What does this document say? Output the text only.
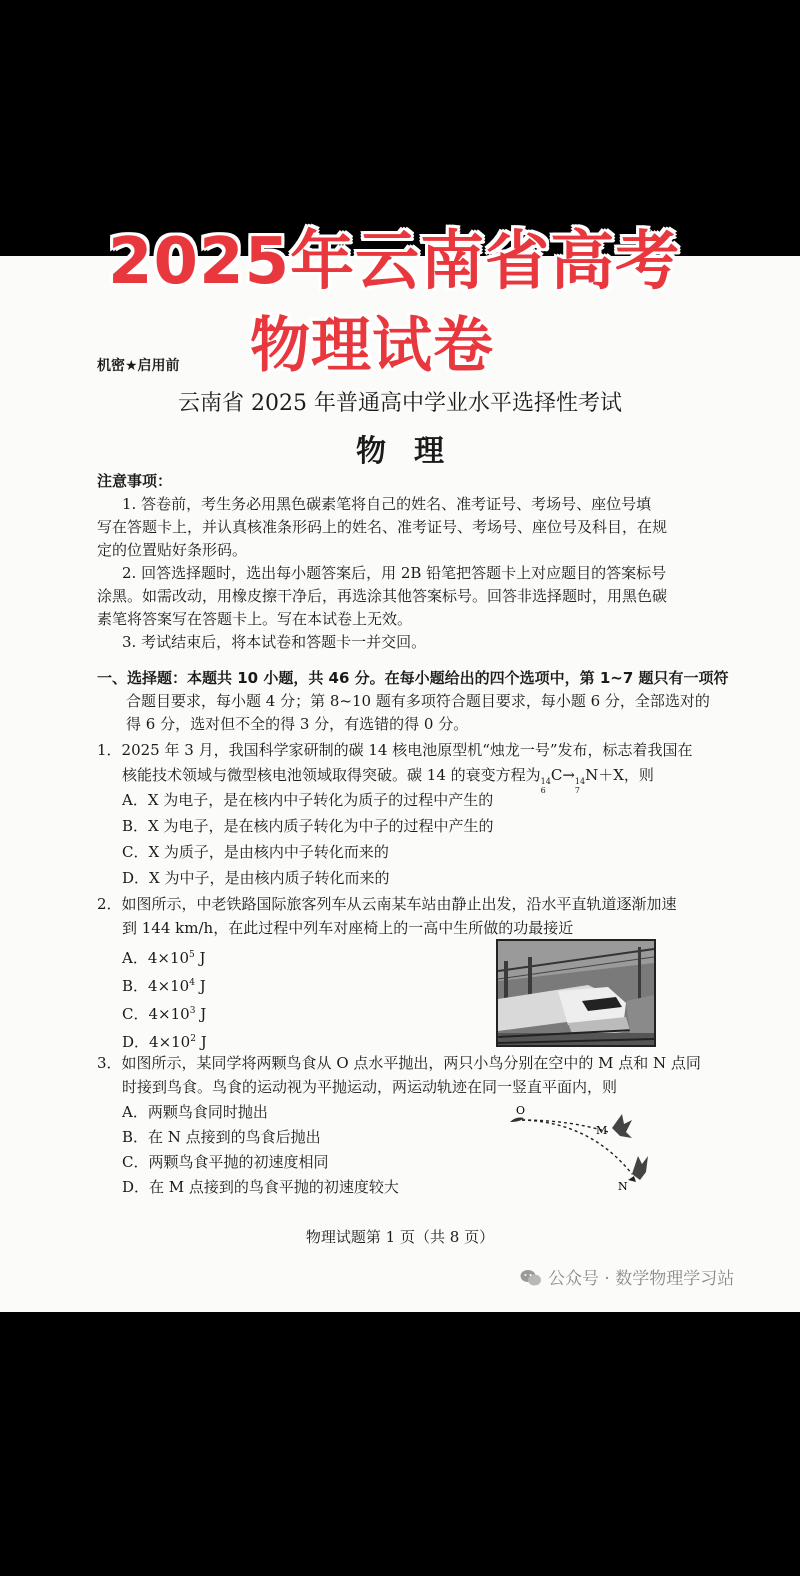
2025年云南省高考
物理试卷
机密★启用前
云南省 2025 年普通高中学业水平选择性考试
物理
注意事项：
1. 答卷前，考生务必用黑色碳素笔将自己的姓名、准考证号、考场号、座位号填
写在答题卡上，并认真核准条形码上的姓名、准考证号、考场号、座位号及科目，在规
定的位置贴好条形码。
2. 回答选择题时，选出每小题答案后，用 2B 铅笔把答题卡上对应题目的答案标号
涂黑。如需改动，用橡皮擦干净后，再选涂其他答案标号。回答非选择题时，用黑色碳
素笔将答案写在答题卡上。写在本试卷上无效。
3. 考试结束后，将本试卷和答题卡一并交回。
一、选择题：本题共 10 小题，共 46 分。在每小题给出的四个选项中，第 1~7 题只有一项符
合题目要求，每小题 4 分；第 8~10 题有多项符合题目要求，每小题 6 分，全部选对的
得 6 分，选对但不全的得 3 分，有选错的得 0 分。
1．2025 年 3 月，我国科学家研制的碳 14 核电池原型机“烛龙一号”发布，标志着我国在
核能技术领域与微型核电池领域取得突破。碳 14 的衰变方程为 14
6
C→ 14
7
N＋X，则
A．X 为电子，是在核内中子转化为质子的过程中产生的
B．X 为电子，是在核内质子转化为中子的过程中产生的
C．X 为质子，是由核内中子转化而来的
D．X 为中子，是由核内质子转化而来的
2．如图所示，中老铁路国际旅客列车从云南某车站由静止出发，沿水平直轨道逐渐加速
到 144 km/h，在此过程中列车对座椅上的一高中生所做的功最接近
A．$4\times 10^5$ J
B．$4\times 10^4$ J
C．$4\times 10^3$ J
D．$4\times 10^2$ J
3．如图所示，某同学将两颗鸟食从 O 点水平抛出，两只小鸟分别在空中的 M 点和 N 点同
时接到鸟食。鸟食的运动视为平抛运动，两运动轨迹在同一竖直平面内，则
A．两颗鸟食同时抛出
B．在 N 点接到的鸟食后抛出
C．两颗鸟食平抛的初速度相同
D．在 M 点接到的鸟食平抛的初速度较大
O
M
N
物理试题第 1 页（共 8 页）
公众号 · 数学物理学习站
